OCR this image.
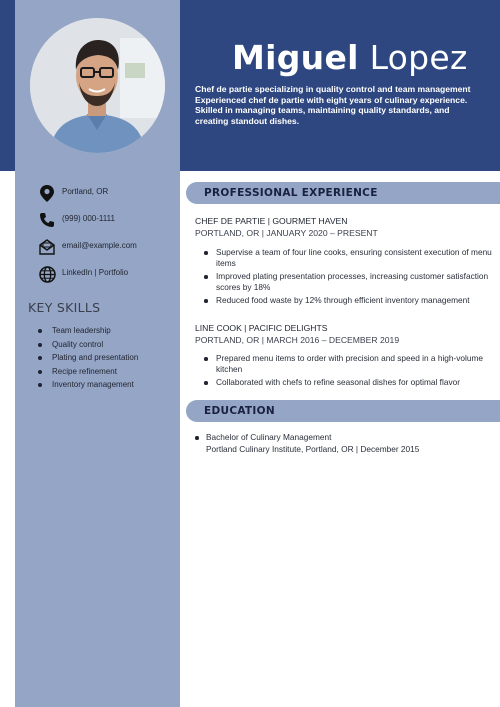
Miguel Lopez
Chef de partie specializing in quality control and team management Experienced chef de partie with eight years of culinary experience. Skilled in managing teams, maintaining quality standards, and creating standout dishes.
Portland, OR
(999) 000-1111
email@example.com
LinkedIn | Portfolio
KEY SKILLS
Team leadership
Quality control
Plating and presentation
Recipe refinement
Inventory management
PROFESSIONAL EXPERIENCE
CHEF DE PARTIE | GOURMET HAVEN
PORTLAND, OR | JANUARY 2020 – PRESENT
Supervise a team of four line cooks, ensuring consistent execution of menu items
Improved plating presentation processes, increasing customer satisfaction scores by 18%
Reduced food waste by 12% through efficient inventory management
LINE COOK | PACIFIC DELIGHTS
PORTLAND, OR | MARCH 2016 – DECEMBER 2019
Prepared menu items to order with precision and speed in a high-volume kitchen
Collaborated with chefs to refine seasonal dishes for optimal flavor
EDUCATION
Bachelor of Culinary Management
Portland Culinary Institute, Portland, OR | December 2015
